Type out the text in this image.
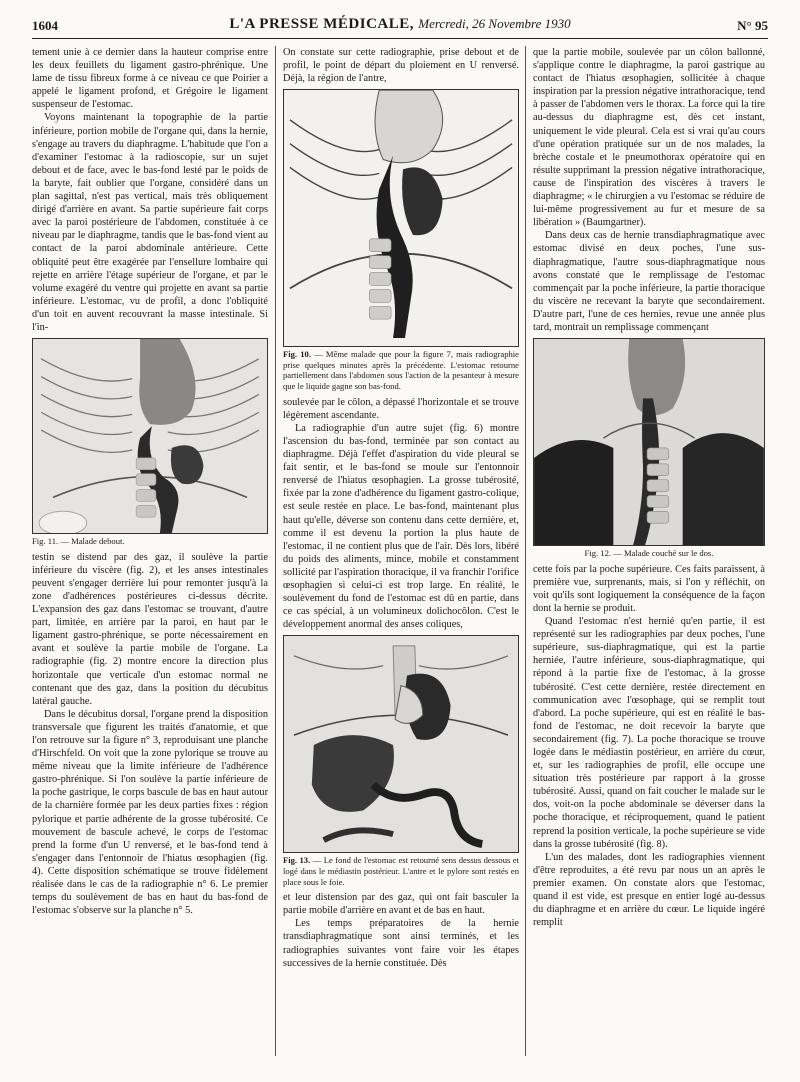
1604	L'A PRESSE MÉDICALE, Mercredi, 26 Novembre 1930	N° 95

tement unie à ce dernier dans la hauteur comprise entre les deux feuillets du ligament gastro-phrénique. Une lame de tissu fibreux forme à ce niveau ce que Poirier a appelé le ligament profond, et Grégoire le ligament suspenseur de l'estomac.

Voyons maintenant la topographie de la partie inférieure, portion mobile de l'organe qui, dans la hernie, s'engage au travers du diaphragme. L'habitude que l'on a d'examiner l'estomac à la radioscopie, sur un sujet debout et de face, avec le bas-fond lesté par le poids de la baryte, fait oublier que l'organe, considéré dans un plan sagittal, n'est pas vertical, mais très obliquement dirigé d'arrière en avant. Sa partie supérieure fait corps avec la paroi postérieure de l'abdomen, constituée à ce niveau par le diaphragme, tandis que le bas-fond vient au contact de la paroi abdominale antérieure. Cette obliquité peut être exagérée par l'ensellure lombaire qui rejette en arrière l'étage supérieur de l'organe, et par le volume exagéré du ventre qui projette en avant sa partie inférieure. L'estomac, vu de profil, a donc l'obliquité d'un toit en auvent recouvrant la masse intestinale. Si l'in-

Fig. 11. — Malade debout.

testin se distend par des gaz, il soulève la partie inférieure du viscère (fig. 2), et les anses intestinales peuvent s'engager derrière lui pour remonter jusqu'à la zone d'adhérences postérieures ci-dessus décrite. L'expansion des gaz dans l'estomac se trouvant, d'autre part, limitée, en arrière par la paroi, en haut par le ligament gastro-phrénique, se porte nécessairement en avant et soulève la partie mobile de l'organe. La radiographie (fig. 2) montre encore la direction plus horizontale que verticale d'un estomac normal ne contenant que des gaz, dans la position du décubitus latéral gauche.

Dans le décubitus dorsal, l'organe prend la disposition transversale que figurent les traités d'anatomie, et que l'on retrouve sur la figure n° 3, reproduisant une planche d'Hirschfeld. On voit que la zone pylorique se trouve au même niveau que la limite inférieure de l'adhérence gastro-phrénique. Si l'on soulève la partie inférieure de la poche gastrique, le corps bascule de bas en haut autour de la charnière formée par les deux parties fixes : région pylorique et partie adhérente de la grosse tubérosité. Ce mouvement de bascule achevé, le corps de l'estomac prend la forme d'un U renversé, et le bas-fond tend à s'engager dans l'entonnoir de l'hiatus œsophagien (fig. 4). Cette disposition schématique se trouve fidèlement réalisée dans le cas de la radiographie n° 6. Le premier temps du soulèvement de bas en haut du bas-fond de l'estomac s'observe sur la planche n° 5.

On constate sur cette radiographie, prise debout et de profil, le point de départ du ploiement en U renversé. Déjà, la région de l'antre,

Fig. 10. — Même malade que pour la figure 7, mais radiographie prise quelques minutes après la précédente. L'estomac retourne partiellement dans l'abdomen sous l'action de la pesanteur à mesure que le liquide gagne son bas-fond.

soulevée par le côlon, a dépassé l'horizontale et se trouve légèrement ascendante.

La radiographie d'un autre sujet (fig. 6) montre l'ascension du bas-fond, terminée par son contact au diaphragme. Déjà l'effet d'aspiration du vide pleural se fait sentir, et le bas-fond se moule sur l'entonnoir renversé de l'hiatus œsophagien. La grosse tubérosité, fixée par la zone d'adhérence du ligament gastro-colique, est seule restée en place. Le bas-fond, maintenant plus haut qu'elle, déverse son contenu dans cette dernière, et, comme il est devenu la portion la plus haute de l'estomac, il ne contient plus que de l'air. Dès lors, libéré du poids des aliments, mince, mobile et constamment sollicité par l'aspiration thoracique, il va franchir l'orifice œsophagien si celui-ci est trop large. En réalité, le soulèvement du fond de l'estomac est dû en partie, dans ce cas spécial, à un volumineux dolichocôlon. C'est le développement anormal des anses coliques,

Fig. 13. — Le fond de l'estomac est retourné sens dessus dessous et logé dans le médiastin postérieur. L'antre et le pylore sont restés en place sous le foie.

et leur distension par des gaz, qui ont fait basculer la partie mobile d'arrière en avant et de bas en haut.

Les temps préparatoires de la hernie transdiaphragmatique sont ainsi terminés, et les radiographies suivantes vont faire voir les étapes successives de la hernie constituée. Dès

que la partie mobile, soulevée par un côlon ballonné, s'applique contre le diaphragme, la paroi gastrique au contact de l'hiatus œsophagien, sollicitée à chaque inspiration par la pression négative intrathoracique, tend à passer de l'abdomen vers le thorax. La force qui la tire au-dessus du diaphragme est, dès cet instant, uniquement le vide pleural. Cela est si vrai qu'au cours d'une opération pratiquée sur un de nos malades, la brèche costale et le pneumothorax opératoire qui en résulte supprimant la pression négative intrathoracique, cause de l'inspiration des viscères à travers le diaphragme; « le chirurgien a vu l'estomac se réduire de lui-même progressivement au fur et mesure de sa libération » (Baumgartner).

Dans deux cas de hernie transdiaphragmatique avec estomac divisé en deux poches, l'une sus-diaphragmatique, l'autre sous-diaphragmatique nous avons constaté que le remplissage de l'estomac commençait par la poche inférieure, la partie thoracique du viscère ne recevant la baryte que secondairement. D'autre part, l'une de ces hernies, revue une année plus tard, montrait un remplissage commençant

Fig. 12. — Malade couché sur le dos.

cette fois par la poche supérieure. Ces faits paraissent, à première vue, surprenants, mais, si l'on y réfléchit, on voit qu'ils sont logiquement la conséquence de la façon dont la hernie se produit.

Quand l'estomac n'est hernié qu'en partie, il est représenté sur les radiographies par deux poches, l'une supérieure, sus-diaphragmatique, qui est la partie herniée, l'autre inférieure, sous-diaphragmatique, qui répond à la partie fixe de l'estomac, à la grosse tubérosité. C'est cette dernière, restée directement en communication avec l'œsophage, qui se remplit tout d'abord. La poche supérieure, qui est en réalité le bas-fond de l'estomac, ne doit recevoir la baryte que secondairement (fig. 7). La poche thoracique se trouve logée dans le médiastin postérieur, en arrière du cœur, et, sur les radiographies de profil, elle occupe une situation très postérieure par rapport à la grosse tubérosité. Aussi, quand on fait coucher le malade sur le dos, voit-on la poche abdominale se déverser dans la poche thoracique, et réciproquement, quand le patient reprend la position verticale, la poche supérieure se vide dans la grosse tubérosité (fig. 8).

L'un des malades, dont les radiographies viennent d'être reproduites, a été revu par nous un an après le premier examen. On constate alors que l'estomac, quand il est vide, est presque en entier logé au-dessus du diaphragme et en arrière du cœur. Le liquide ingéré remplit
